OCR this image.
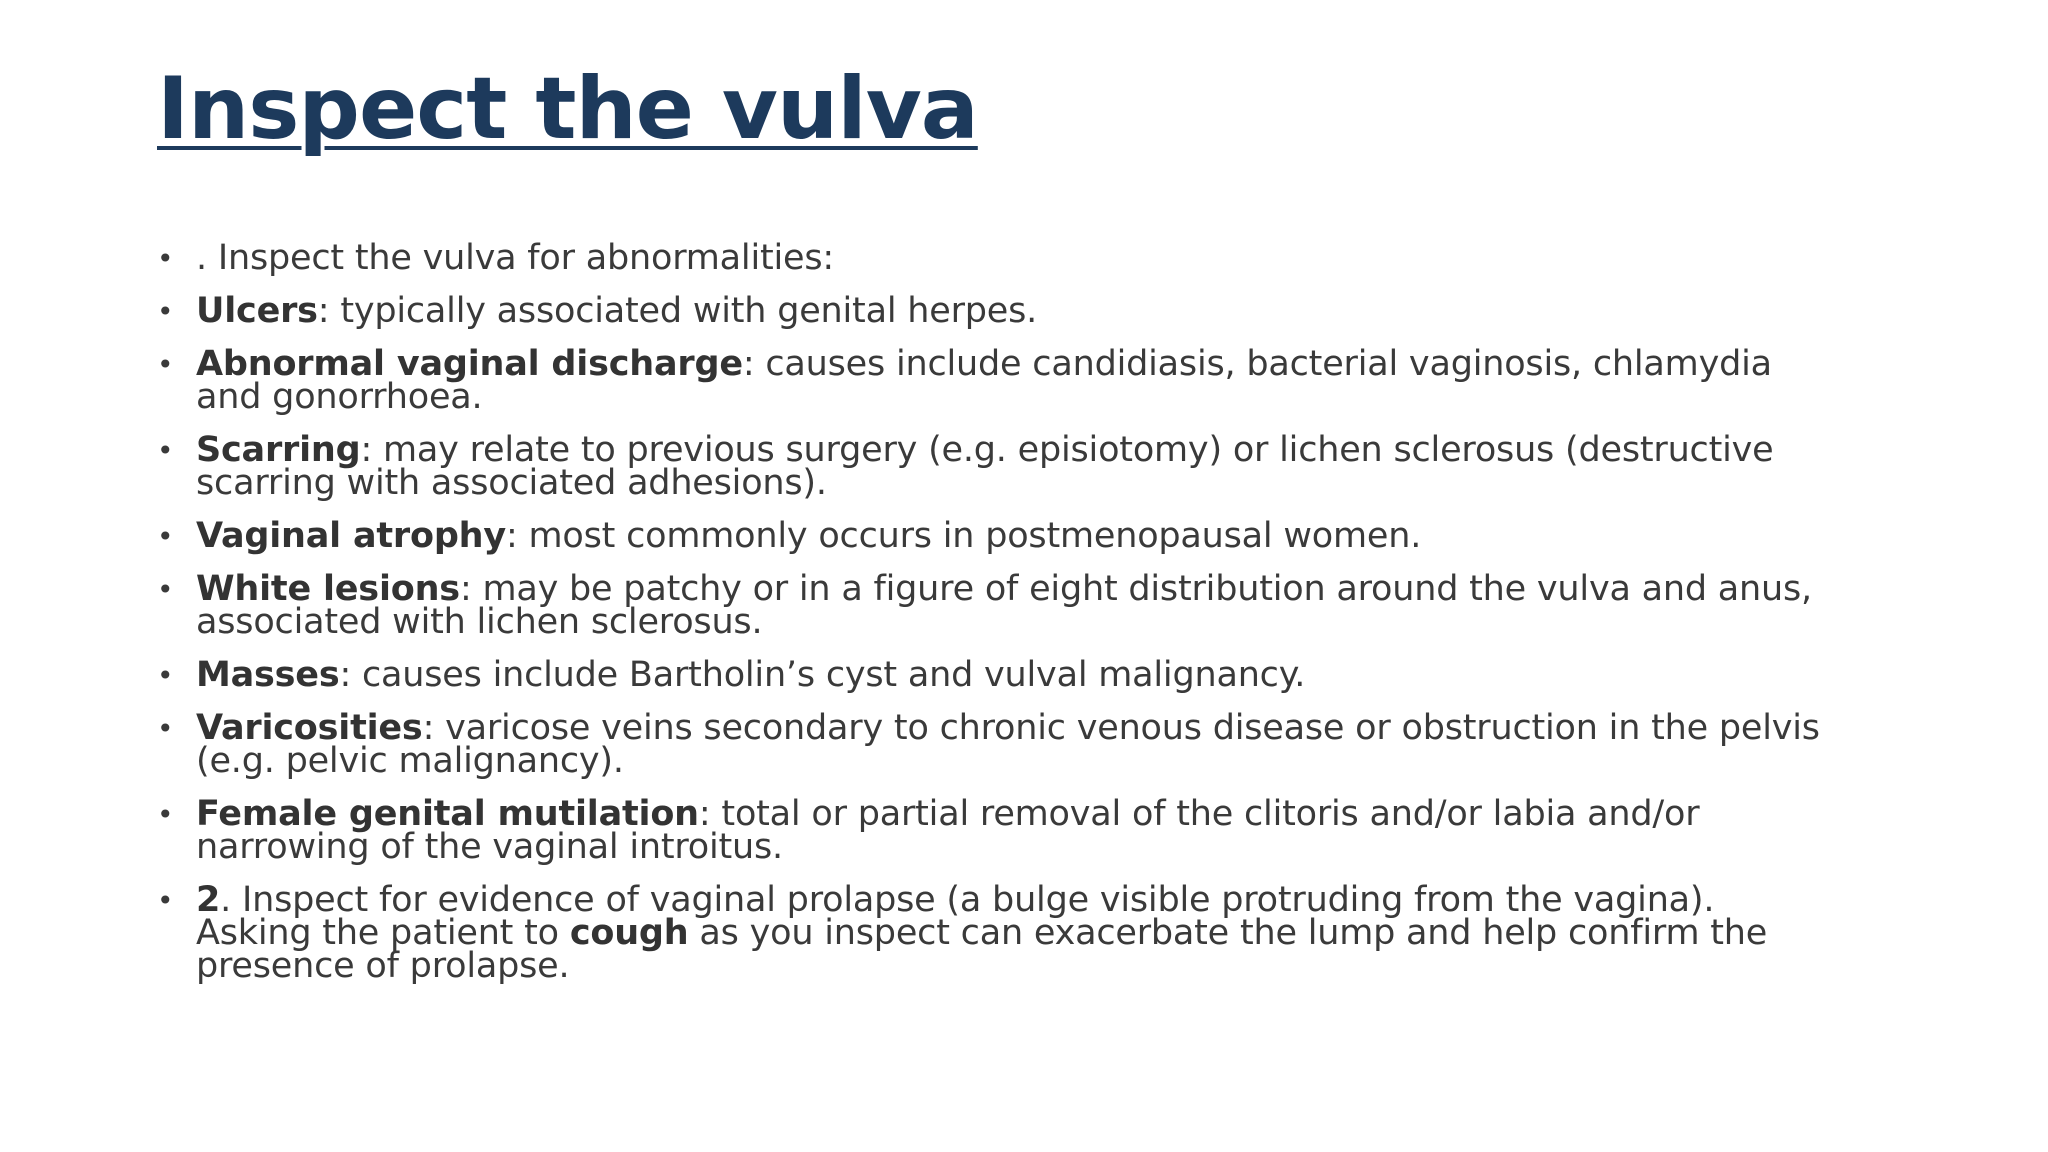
Inspect the vulva
• . Inspect the vulva for abnormalities:
• Ulcers: typically associated with genital herpes.
• Abnormal vaginal discharge: causes include candidiasis, bacterial vaginosis, chlamydia and gonorrhoea.
• Scarring: may relate to previous surgery (e.g. episiotomy) or lichen sclerosus (destructive scarring with associated adhesions).
• Vaginal atrophy: most commonly occurs in postmenopausal women.
• White lesions: may be patchy or in a figure of eight distribution around the vulva and anus, associated with lichen sclerosus.
• Masses: causes include Bartholin’s cyst and vulval malignancy.
• Varicosities: varicose veins secondary to chronic venous disease or obstruction in the pelvis (e.g. pelvic malignancy).
• Female genital mutilation: total or partial removal of the clitoris and/or labia and/or narrowing of the vaginal introitus.
• 2. Inspect for evidence of vaginal prolapse (a bulge visible protruding from the vagina). Asking the patient to cough as you inspect can exacerbate the lump and help confirm the presence of prolapse.
